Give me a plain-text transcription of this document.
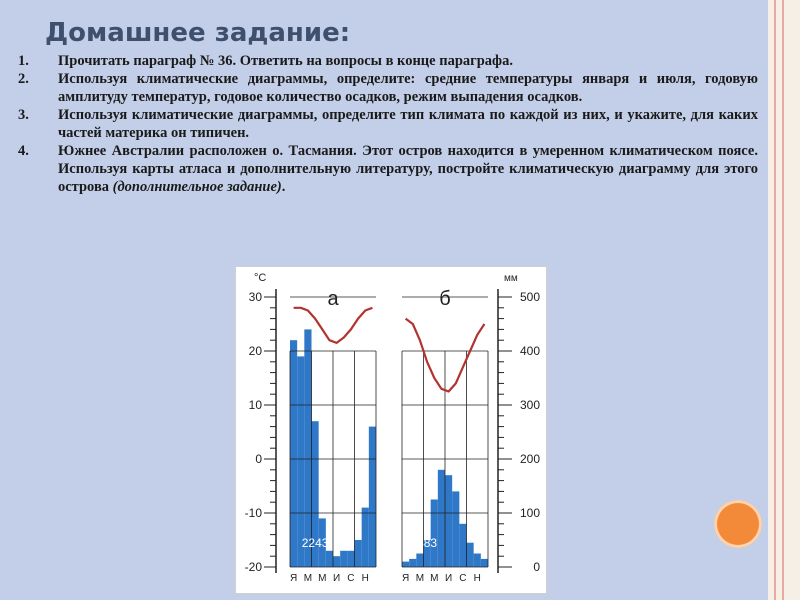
Домашнее задание:
1. Прочитать параграф № 36. Ответить на вопросы в конце параграфа.
2. Используя климатические диаграммы, определите: средние температуры января и июля, годовую амплитуду температур, годовое количество осадков, режим выпадения осадков.
3. Используя климатические диаграммы, определите тип климата по каждой из них, и укажите, для каких частей материка он типичен.
4. Южнее Австралии расположен о. Тасмания. Этот остров находится в умеренном климатическом поясе. Используя карты атласа и дополнительную литературу, постройте климатическую диаграмму для этого острова (дополнительное задание).
°С
30
20
10
0
-10
-20
мм
500
400
300
200
100
0
а
2243
Я М М И С Н
б
883
Я М М И С Н
